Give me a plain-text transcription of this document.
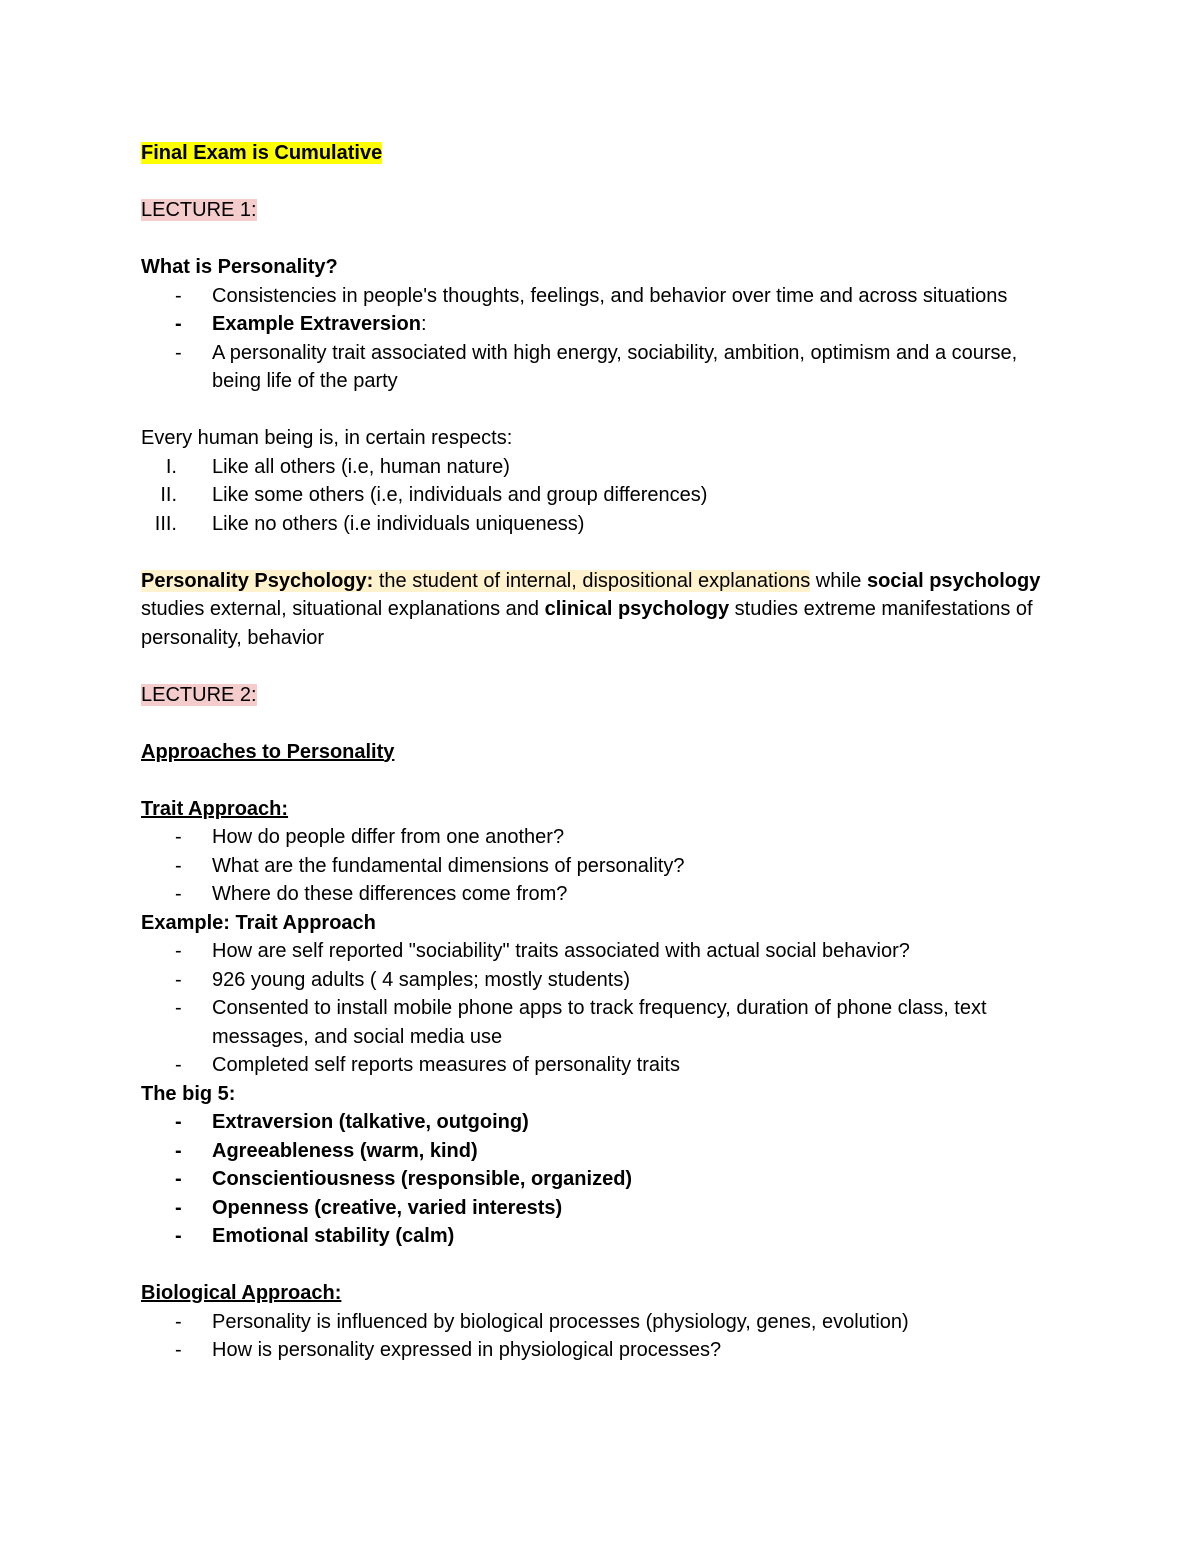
Final Exam is Cumulative

LECTURE 1:

What is Personality?

- Consistencies in people's thoughts, feelings, and behavior over time and across situations
- Example Extraversion:
- A personality trait associated with high energy, sociability, ambition, optimism and a course, being life of the party

Every human being is, in certain respects:

I. Like all others (i.e, human nature)
II. Like some others (i.e, individuals and group differences)
III. Like no others (i.e individuals uniqueness)

Personality Psychology: the student of internal, dispositional explanations while social psychology studies external, situational explanations and clinical psychology studies extreme manifestations of personality, behavior

LECTURE 2:

Approaches to Personality

Trait Approach:

- How do people differ from one another?
- What are the fundamental dimensions of personality?
- Where do these differences come from?

Example: Trait Approach

- How are self reported "sociability" traits associated with actual social behavior?
- 926 young adults ( 4 samples; mostly students)
- Consented to install mobile phone apps to track frequency, duration of phone class, text messages, and social media use
- Completed self reports measures of personality traits

The big 5:

- Extraversion (talkative, outgoing)
- Agreeableness (warm, kind)
- Conscientiousness (responsible, organized)
- Openness (creative, varied interests)
- Emotional stability (calm)

Biological Approach:

- Personality is influenced by biological processes (physiology, genes, evolution)
- How is personality expressed in physiological processes?
